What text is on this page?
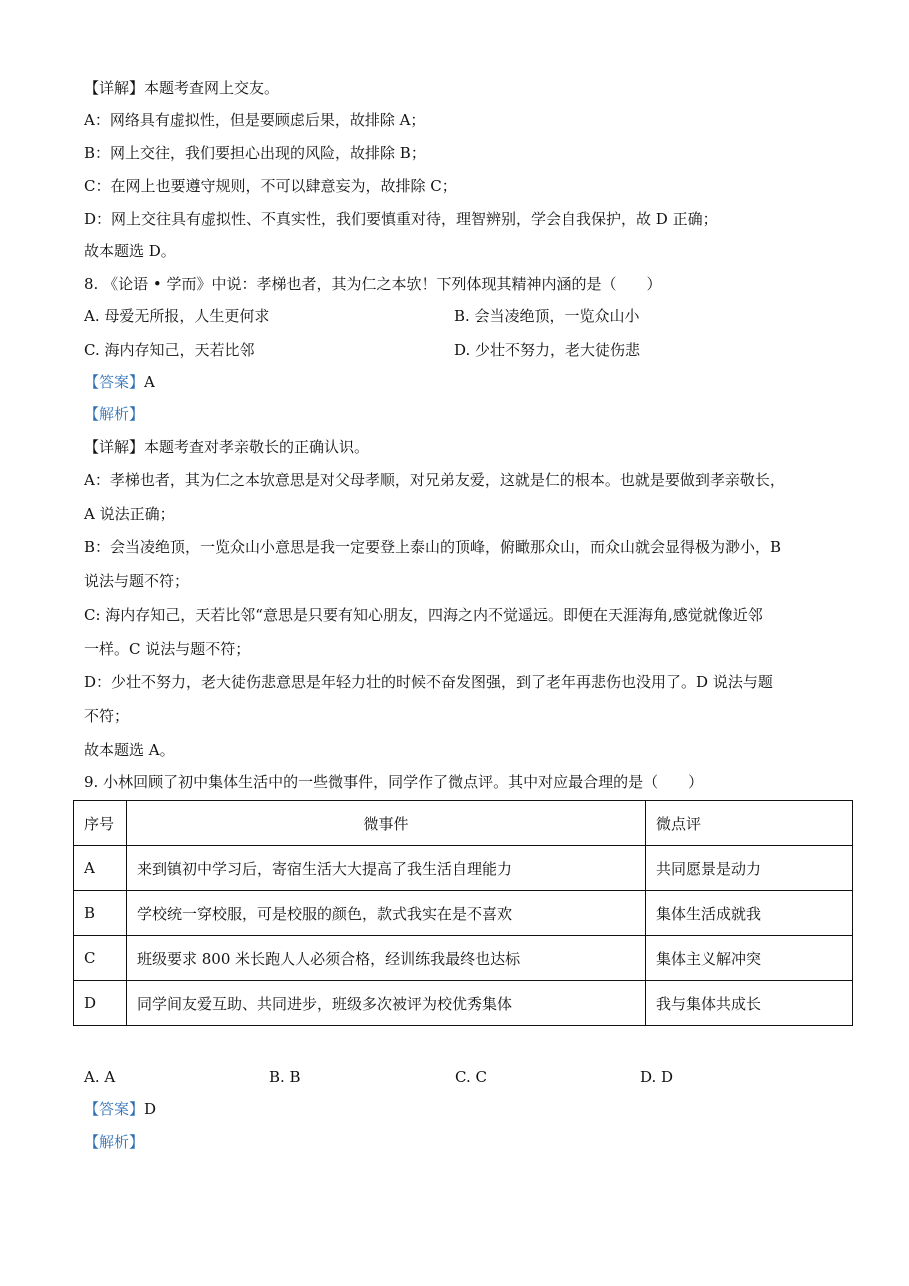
【详解】本题考查网上交友。
A：网络具有虚拟性，但是要顾虑后果，故排除 A；
B：网上交往，我们要担心出现的风险，故排除 B；
C：在网上也要遵守规则，不可以肆意妄为，故排除 C；
D：网上交往具有虚拟性、不真实性，我们要慎重对待，理智辨别，学会自我保护，故 D 正确；
故本题选 D。
8. 《论语 • 学而》中说：孝梯也者，其为仁之本欤！下列体现其精神内涵的是（　　）
A. 母爱无所报，人生更何求	B. 会当凌绝顶，一览众山小
C. 海内存知己，天若比邻	D. 少壮不努力，老大徒伤悲
【答案】A
【解析】
【详解】本题考查对孝亲敬长的正确认识。
A：孝梯也者，其为仁之本欤意思是对父母孝顺，对兄弟友爱，这就是仁的根本。也就是要做到孝亲敬长，
A 说法正确；
B：会当凌绝顶，一览众山小意思是我一定要登上泰山的顶峰，俯瞰那众山，而众山就会显得极为渺小，B
说法与题不符；
C: 海内存知己，天若比邻“意思是只要有知心朋友，四海之内不觉遥远。即便在天涯海角,感觉就像近邻
一样。C 说法与题不符；
D：少壮不努力，老大徒伤悲意思是年轻力壮的时候不奋发图强，到了老年再悲伤也没用了。D 说法与题
不符；
故本题选 A。
9. 小林回顾了初中集体生活中的一些微事件，同学作了微点评。其中对应最合理的是（　　）
序号	微事件	微点评
A	来到镇初中学习后，寄宿生活大大提高了我生活自理能力	共同愿景是动力
B	学校统一穿校服，可是校服的颜色，款式我实在是不喜欢	集体生活成就我
C	班级要求 800 米长跑人人必须合格，经训练我最终也达标	集体主义解冲突
D	同学间友爱互助、共同进步，班级多次被评为校优秀集体	我与集体共成长
A. A	B. B	C. C	D. D
【答案】D
【解析】
